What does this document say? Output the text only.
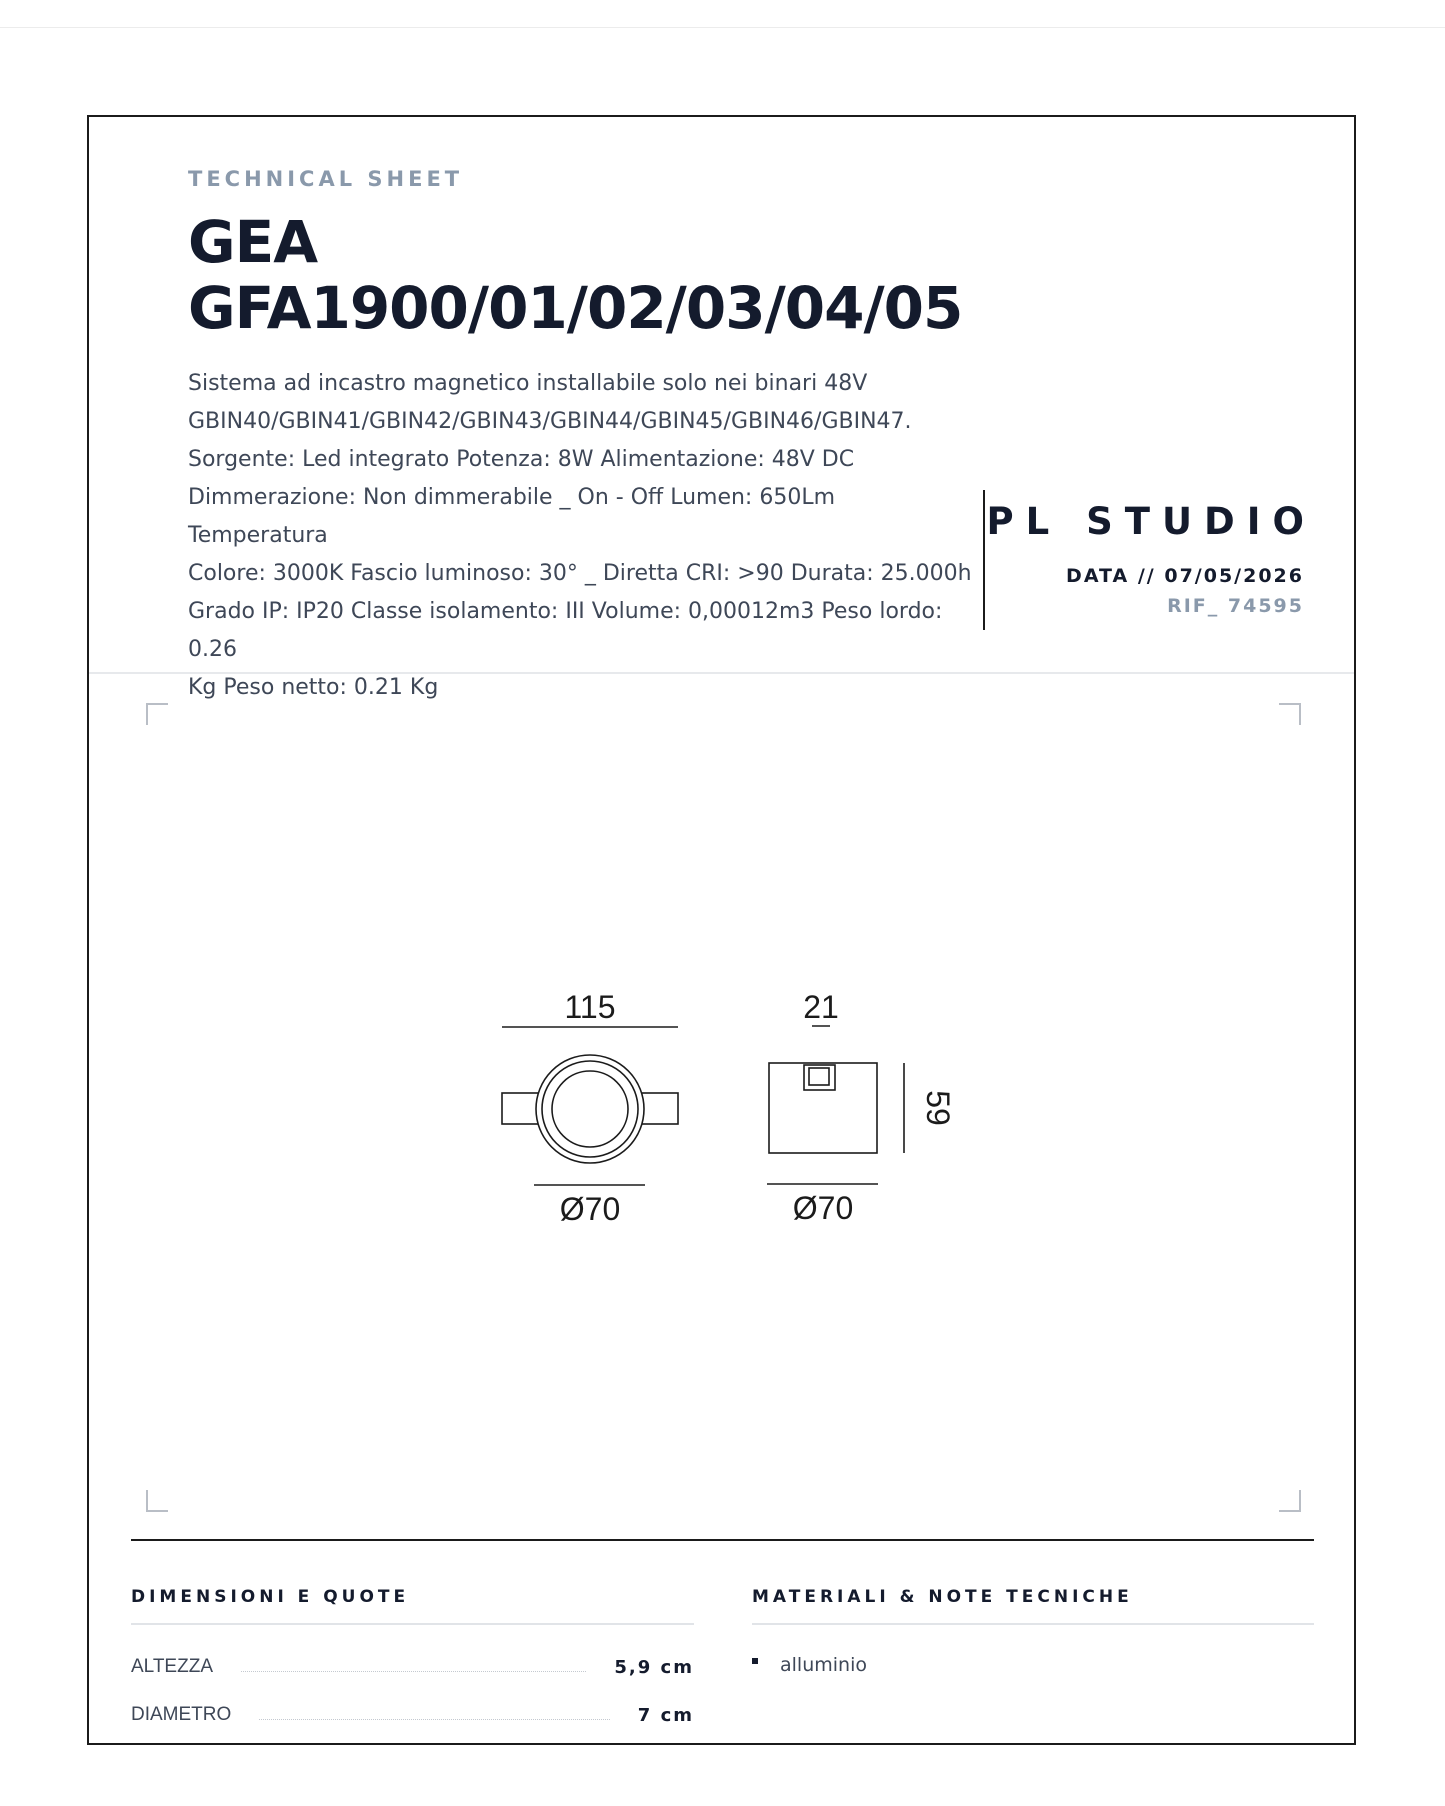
TECHNICAL SHEET
GEA
GFA1900/01/02/03/04/05
Sistema ad incastro magnetico installabile solo nei binari 48V
GBIN40/GBIN41/GBIN42/GBIN43/GBIN44/GBIN45/GBIN46/GBIN47.
Sorgente: Led integrato Potenza: 8W Alimentazione: 48V DC
Dimmerazione: Non dimmerabile _ On - Off Lumen: 650Lm Temperatura
Colore: 3000K Fascio luminoso: 30° _ Diretta CRI: >90 Durata: 25.000h
Grado IP: IP20 Classe isolamento: III Volume: 0,00012m3 Peso lordo: 0.26
Kg Peso netto: 0.21 Kg
PL STUDIO
DATA // 07/05/2026
RIF_ 74595
115
Ø70
21
59
Ø70
DIMENSIONI E QUOTE
ALTEZZA	5,9 cm
DIAMETRO	7 cm
MATERIALI & NOTE TECNICHE
alluminio
